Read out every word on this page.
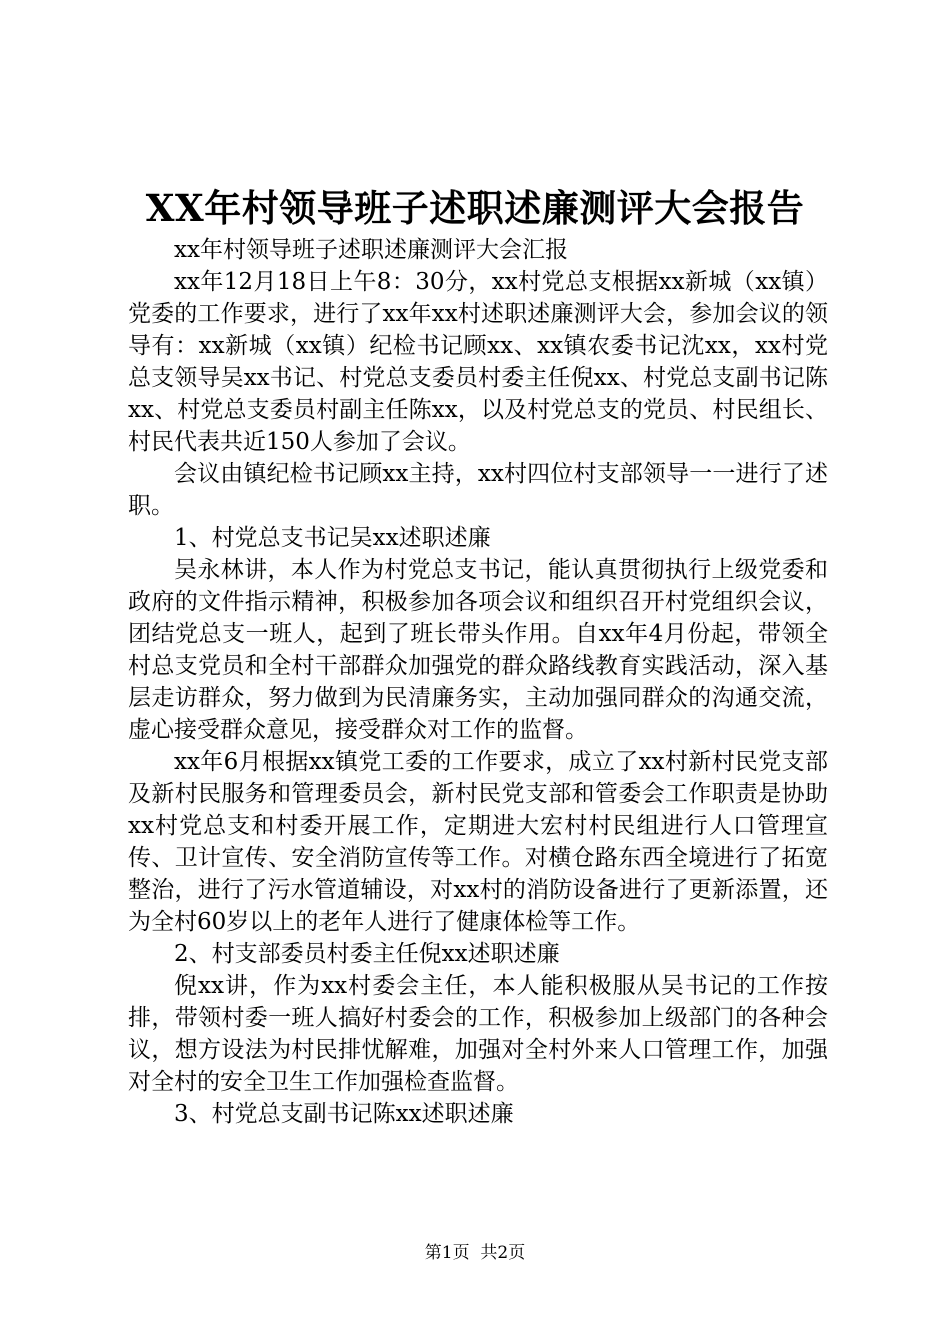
XX年村领导班子述职述廉测评大会报告

xx年村领导班子述职述廉测评大会汇报

xx年12月18日上午8：30分，xx村党总支根据xx新城（xx镇）党委的工作要求，进行了xx年xx村述职述廉测评大会，参加会议的领导有：xx新城（xx镇）纪检书记顾xx、xx镇农委书记沈xx，xx村党总支领导吴xx书记、村党总支委员村委主任倪xx、村党总支副书记陈xx、村党总支委员村副主任陈xx，以及村党总支的党员、村民组长、村民代表共近150人参加了会议。

会议由镇纪检书记顾xx主持，xx村四位村支部领导一一进行了述职。

1、村党总支书记吴xx述职述廉

吴永林讲，本人作为村党总支书记，能认真贯彻执行上级党委和政府的文件指示精神，积极参加各项会议和组织召开村党组织会议，团结党总支一班人，起到了班长带头作用。自xx年4月份起，带领全村总支党员和全村干部群众加强党的群众路线教育实践活动，深入基层走访群众，努力做到为民清廉务实，主动加强同群众的沟通交流，虚心接受群众意见，接受群众对工作的监督。

xx年6月根据xx镇党工委的工作要求，成立了xx村新村民党支部及新村民服务和管理委员会，新村民党支部和管委会工作职责是协助xx村党总支和村委开展工作，定期进大宏村村民组进行人口管理宣传、卫计宣传、安全消防宣传等工作。对横仓路东西全境进行了拓宽整治，进行了污水管道辅设，对xx村的消防设备进行了更新添置，还为全村60岁以上的老年人进行了健康体检等工作。

2、村支部委员村委主任倪xx述职述廉

倪xx讲，作为xx村委会主任，本人能积极服从吴书记的工作按排，带领村委一班人搞好村委会的工作，积极参加上级部门的各种会议，想方设法为村民排忧解难，加强对全村外来人口管理工作，加强对全村的安全卫生工作加强检查监督。

3、村党总支副书记陈xx述职述廉

第1页 共2页
